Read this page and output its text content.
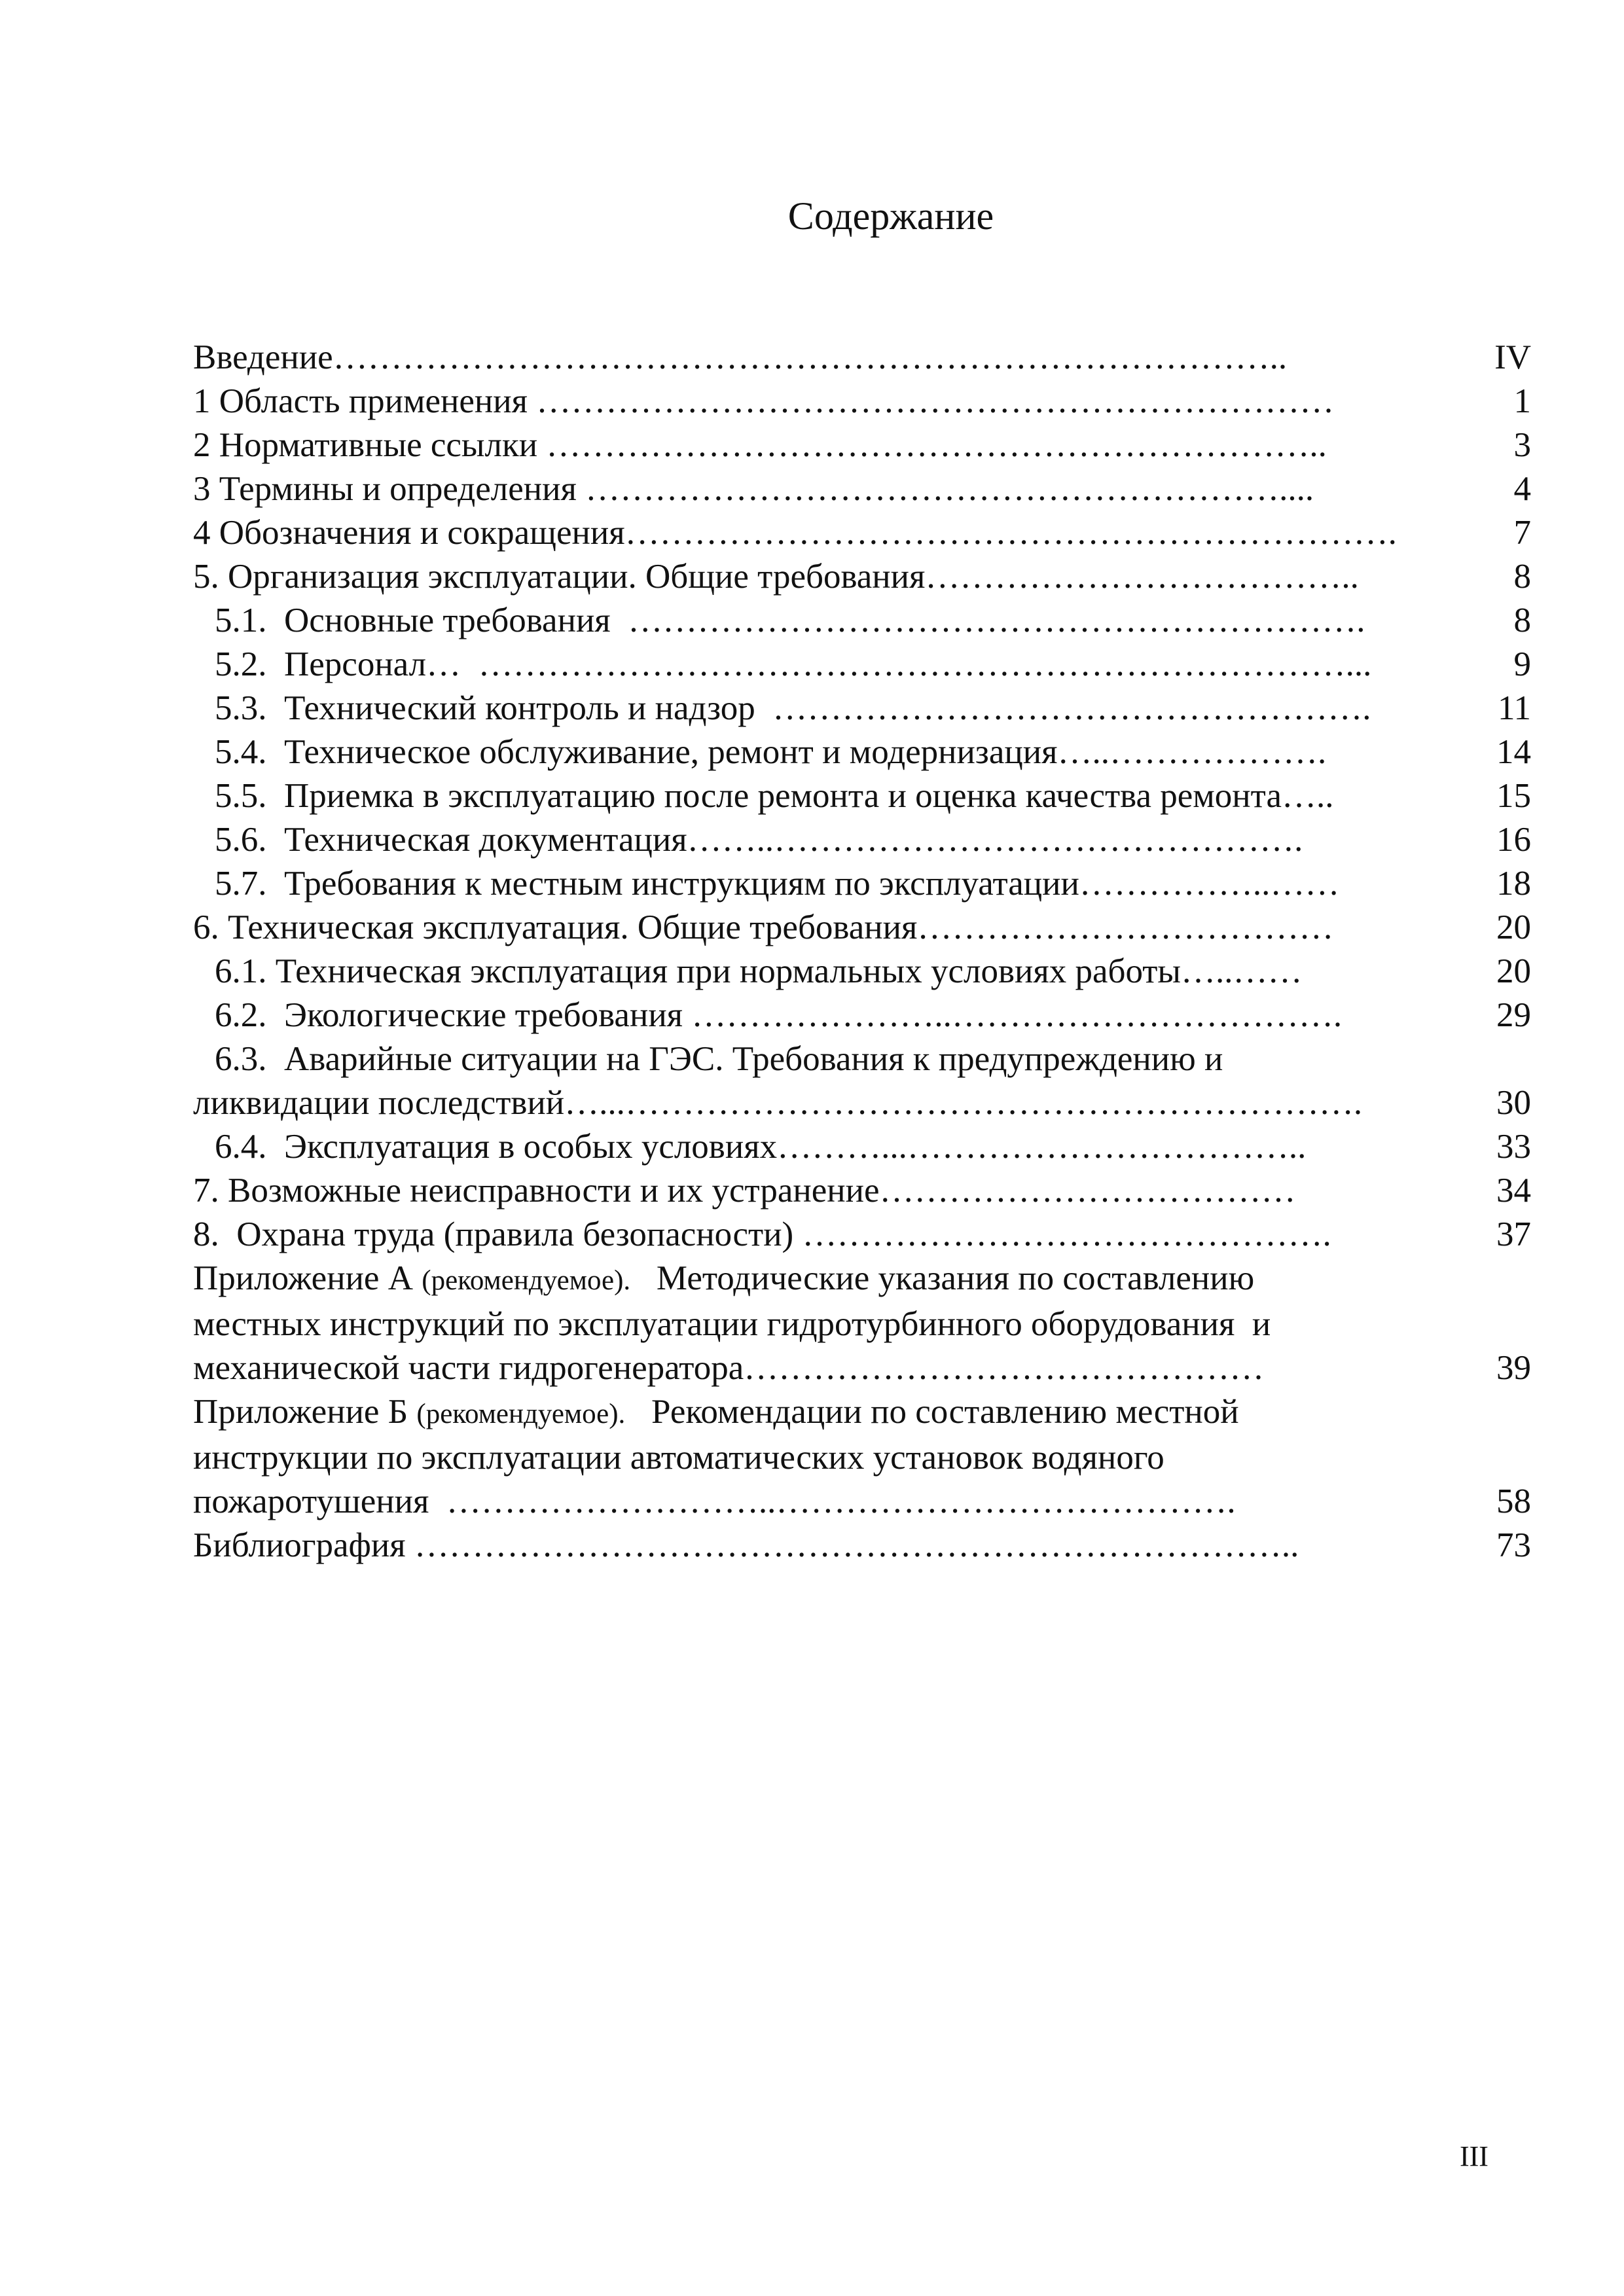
Содержание
Введение………………………………………………………………………..	IV
1 Область применения ……………………………………………………………	1
2 Нормативные ссылки …………………………………………………………..	3
3 Термины и определения ……………………………………………………....	4
4 Обозначения и сокращения………………………………………………………….	7
5. Организация эксплуатации. Общие требования………………………………..	8
5.1.  Основные требования  ……………………………………………………….	8
5.2.  Персонал…  …………………………………………………………………...	9
5.3.  Технический контроль и надзор  …………………………………………….	11
5.4.  Техническое обслуживание, ремонт и модернизация…..……………….	14
5.5.  Приемка в эксплуатацию после ремонта и оценка качества ремонта…..	15
5.6.  Техническая документация……..……………………………………….	16
5.7.  Требования к местным инструкциям по эксплуатации……………..……	18
6. Техническая эксплуатация. Общие требования………………………………	20
6.1. Техническая эксплуатация при нормальных условиях работы…..……	20
6.2.  Экологические требования …………………..…………………………….	29
6.3.  Аварийные ситуации на ГЭС. Требования к предупреждению и
ликвидации последствий…...……………………………………………………….	30
6.4.  Эксплуатация в особых условиях………...……………………………..	33
7. Возможные неисправности и их устранение………………………………	34
8.  Охрана труда (правила безопасности) ……………………………………….	37
Приложение А (рекомендуемое).   Методические указания по составлению
местных инструкций по эксплуатации гидротурбинного оборудования  и
механической части гидрогенератора………………………………………	39
Приложение Б (рекомендуемое).   Рекомендации по составлению местной
инструкции по эксплуатации автоматических установок водяного
пожаротушения  ………………………..………………………………….	58
Библиография …………………………………………………………………..	73
III
